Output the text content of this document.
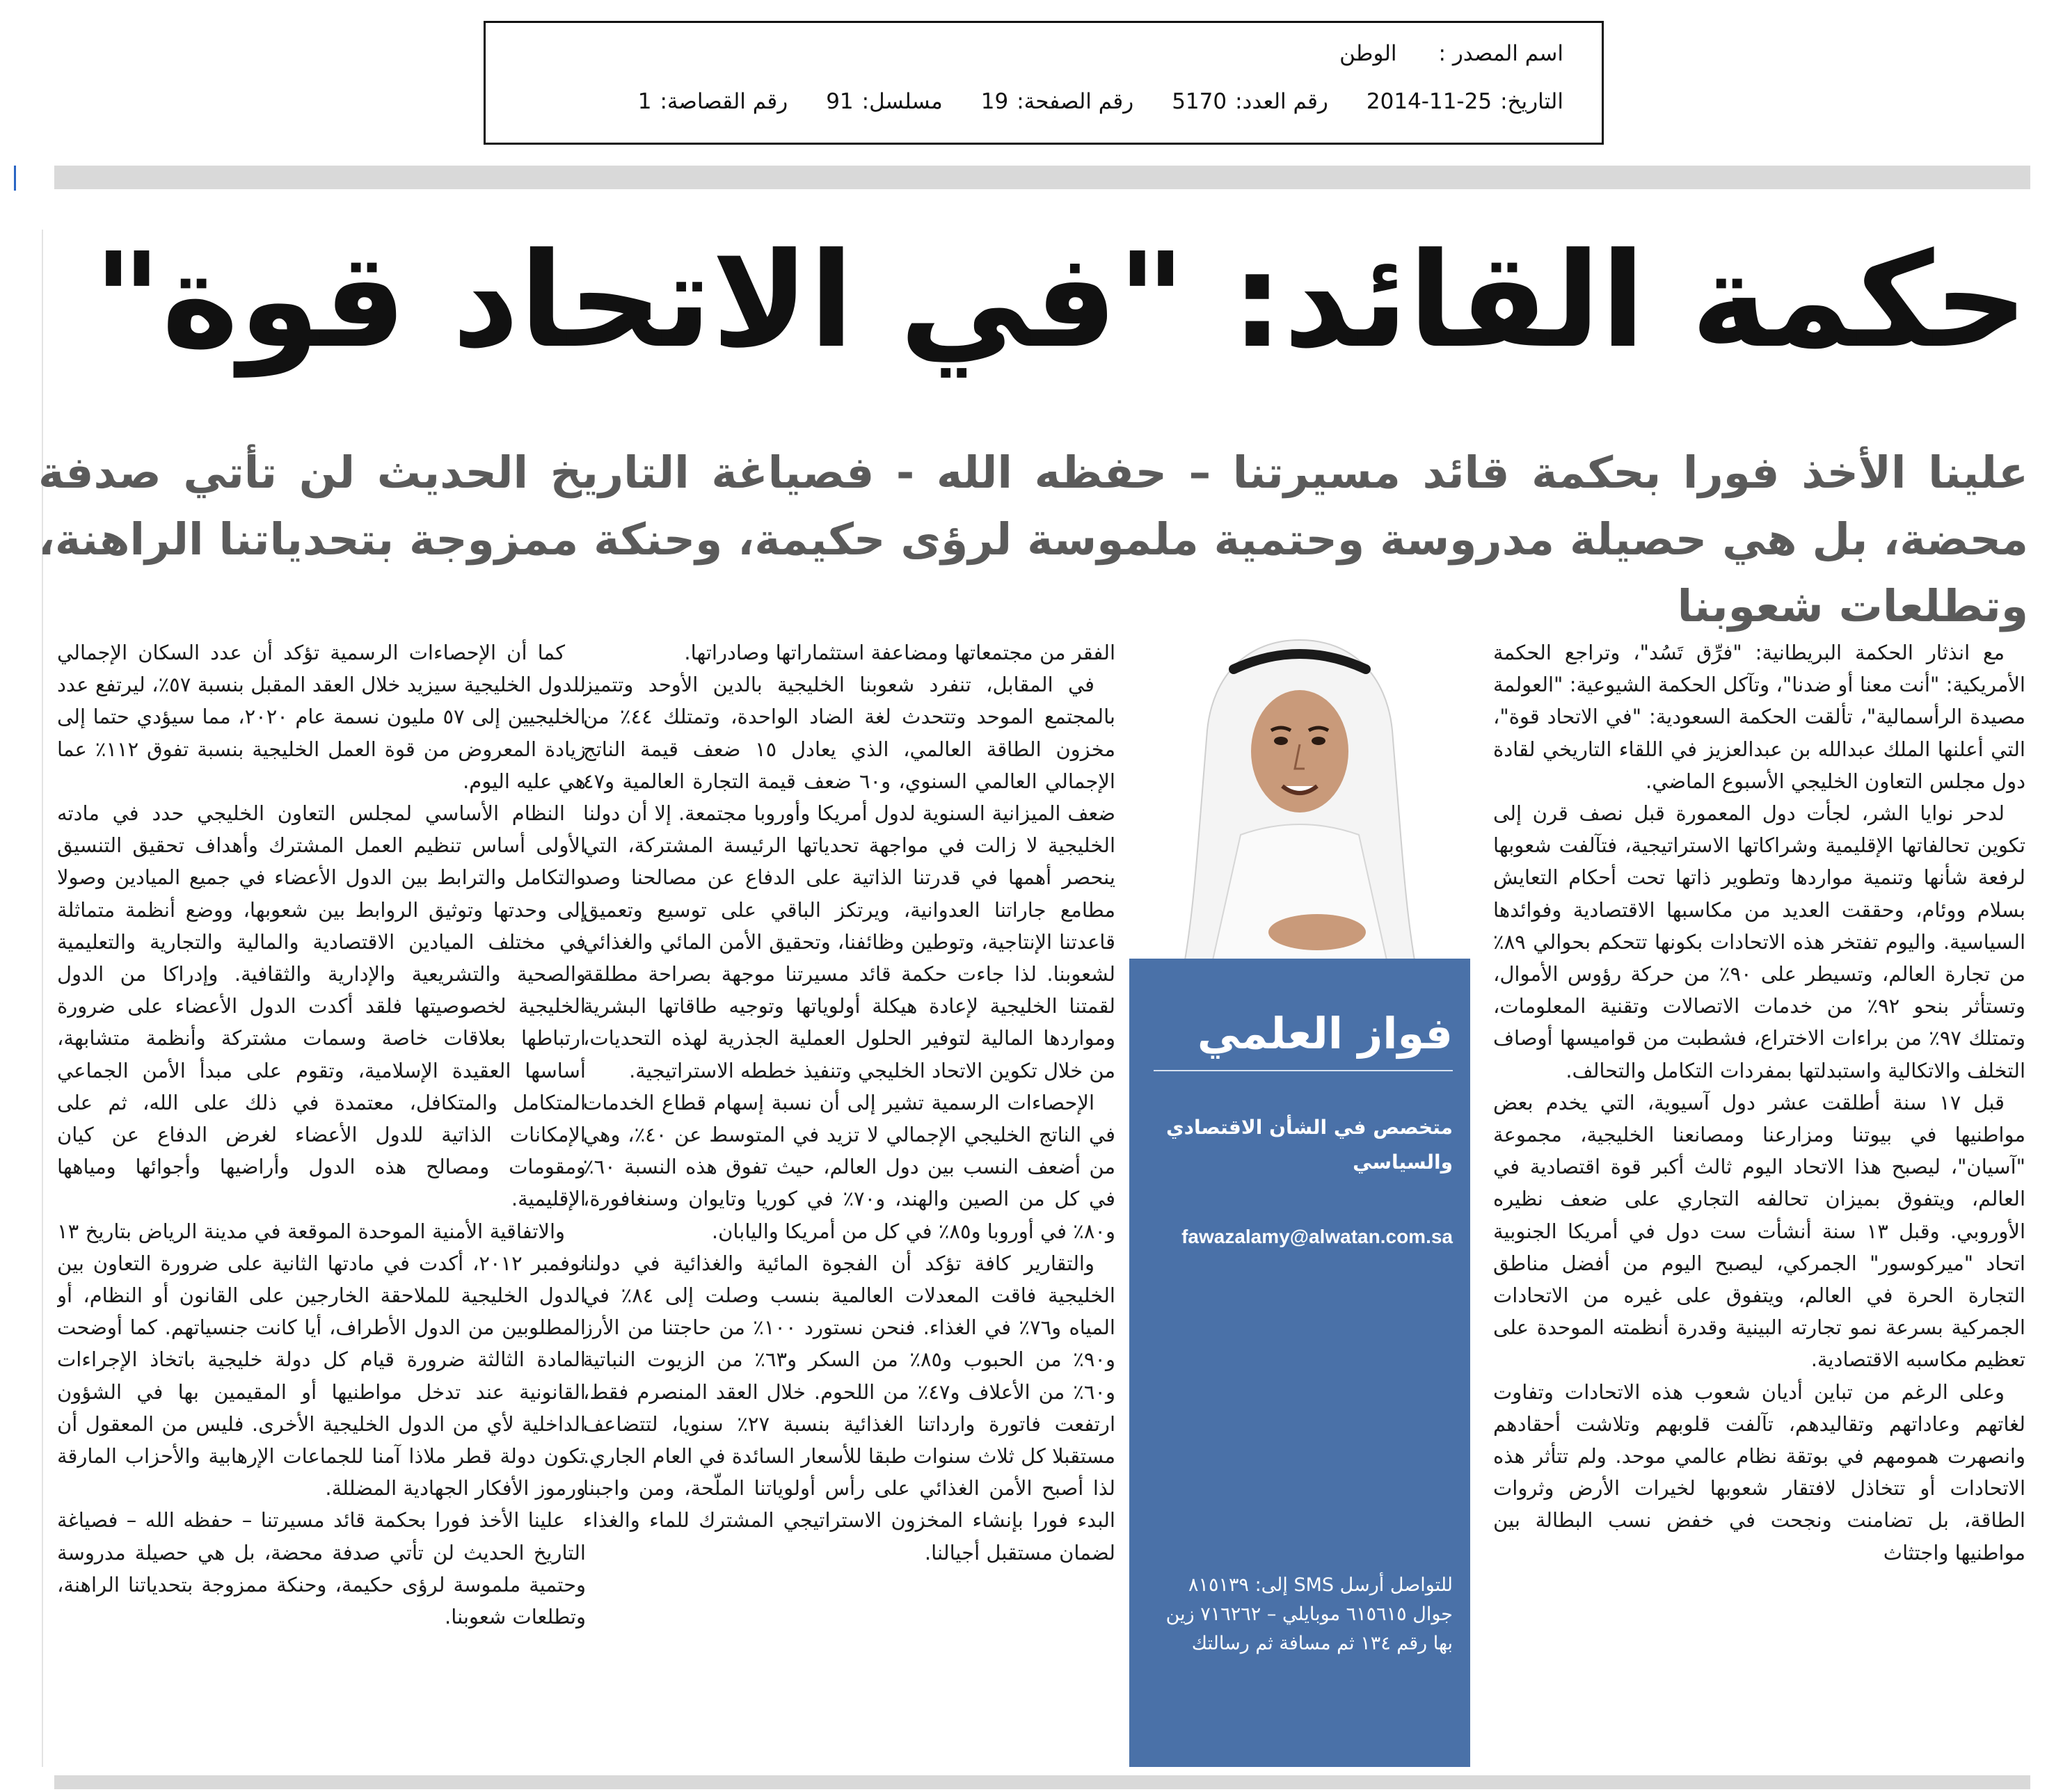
اسم المصدر :
الوطن
التاريخ:
2014-11-25
رقم العدد:
5170
رقم الصفحة:
19
مسلسل:
91
رقم القصاصة:
1
حكمة القائد: "في الاتحاد قوة"
علينا الأخذ فورا بحكمة قائد مسيرتنا – حفظه الله - فصياغة التاريخ الحديث لن تأتي صدفة محضة، بل هي حصيلة مدروسة وحتمية ملموسة لرؤى حكيمة، وحنكة ممزوجة بتحدياتنا الراهنة، وتطلعات شعوبنا

مع انذثار الحكمة البريطانية: "فرِّق تَسُد"، وتراجع الحكمة الأمريكية: "أنت معنا أو ضدنا"، وتآكل الحكمة الشيوعية: "العولمة مصيدة الرأسمالية"، تألقت الحكمة السعودية: "في الاتحاد قوة"، التي أعلنها الملك عبدالله بن عبدالعزيز في اللقاء التاريخي لقادة دول مجلس التعاون الخليجي الأسبوع الماضي.

لدحر نوايا الشر، لجأت دول المعمورة قبل نصف قرن إلى تكوين تحالفاتها الإقليمية وشراكاتها الاستراتيجية، فتآلفت شعوبها لرفعة شأنها وتنمية مواردها وتطوير ذاتها تحت أحكام التعايش بسلام ووئام، وحققت العديد من مكاسبها الاقتصادية وفوائدها السياسية. واليوم تفتخر هذه الاتحادات بكونها تتحكم بحوالي ٨٩٪ من تجارة العالم، وتسيطر على ٩٠٪ من حركة رؤوس الأموال، وتستأثر بنحو ٩٢٪ من خدمات الاتصالات وتقنية المعلومات، وتمتلك ٩٧٪ من براءات الاختراع، فشطبت من قواميسها أوصاف التخلف والاتكالية واستبدلتها بمفردات التكامل والتحالف.

قبل ١٧ سنة أطلقت عشر دول آسيوية، التي يخدم بعض مواطنيها في بيوتنا ومزارعنا ومصانعنا الخليجية، مجموعة "آسيان"، ليصبح هذا الاتحاد اليوم ثالث أكبر قوة اقتصادية في العالم، ويتفوق بميزان تحالفه التجاري على ضعف نظيره الأوروبي. وقبل ١٣ سنة أنشأت ست دول في أمريكا الجنوبية اتحاد "ميركوسور" الجمركي، ليصبح اليوم من أفضل مناطق التجارة الحرة في العالم، ويتفوق على غيره من الاتحادات الجمركية بسرعة نمو تجارته البينية وقدرة أنظمته الموحدة على تعظيم مكاسبه الاقتصادية.

وعلى الرغم من تباين أديان شعوب هذه الاتحادات وتفاوت لغاتهم وعاداتهم وتقاليدهم، تآلفت قلوبهم وتلاشت أحقادهم وانصهرت همومهم في بوتقة نظام عالمي موحد. ولم تتأثر هذه الاتحادات أو تتخاذل لافتقار شعوبها لخيرات الأرض وثروات الطاقة، بل تضامنت ونجحت في خفض نسب البطالة بين مواطنيها واجتثاث

فواز العلمي
متخصص في الشأن الاقتصادي والسياسي
fawazalamy@alwatan.com.sa
للتواصل أرسل SMS إلى: ٨١٥١٣٩ جوال ٦١٥٦١٥ موبايلي – ٧١٦٢٦٢ زين بها رقم ١٣٤ ثم مسافة ثم رسالتك

الفقر من مجتمعاتها ومضاعفة استثماراتها وصادراتها.

في المقابل، تنفرد شعوبنا الخليجية بالدين الأوحد وتتميز بالمجتمع الموحد وتتحدث لغة الضاد الواحدة، وتمتلك ٤٤٪ من مخزون الطاقة العالمي، الذي يعادل ١٥ ضعف قيمة الناتج الإجمالي العالمي السنوي، و٦٠ ضعف قيمة التجارة العالمية و٤٧ ضعف الميزانية السنوية لدول أمريكا وأوروبا مجتمعة. إلا أن دولنا الخليجية لا زالت في مواجهة تحدياتها الرئيسة المشتركة، التي ينحصر أهمها في قدرتنا الذاتية على الدفاع عن مصالحنا وصد مطامع جاراتنا العدوانية، ويرتكز الباقي على توسيع وتعميق قاعدتنا الإنتاجية، وتوطين وظائفنا، وتحقيق الأمن المائي والغذائي لشعوبنا. لذا جاءت حكمة قائد مسيرتنا موجهة بصراحة مطلقة لقمتنا الخليجية لإعادة هيكلة أولوياتها وتوجيه طاقاتها البشرية ومواردها المالية لتوفير الحلول العملية الجذرية لهذه التحديات، من خلال تكوين الاتحاد الخليجي وتنفيذ خططه الاستراتيجية.

الإحصاءات الرسمية تشير إلى أن نسبة إسهام قطاع الخدمات في الناتج الخليجي الإجمالي لا تزيد في المتوسط عن ٤٠٪، وهي من أضعف النسب بين دول العالم، حيث تفوق هذه النسبة ٦٠٪ في كل من الصين والهند، و٧٠٪ في كوريا وتايوان وسنغافورة، و٨٠٪ في أوروبا و٨٥٪ في كل من أمريكا واليابان.

والتقارير كافة تؤكد أن الفجوة المائية والغذائية في دولنا الخليجية فاقت المعدلات العالمية بنسب وصلت إلى ٨٤٪ في المياه و٧٦٪ في الغذاء. فنحن نستورد ١٠٠٪ من حاجتنا من الأرز و٩٠٪ من الحبوب و٨٥٪ من السكر و٦٣٪ من الزيوت النباتية و٦٠٪ من الأعلاف و٤٧٪ من اللحوم. خلال العقد المنصرم فقط، ارتفعت فاتورة وارداتنا الغذائية بنسبة ٢٧٪ سنويا، لتتضاعف مستقبلا كل ثلاث سنوات طبقا للأسعار السائدة في العام الجاري. لذا أصبح الأمن الغذائي على رأس أولوياتنا الملّحة، ومن واجبنا البدء فورا بإنشاء المخزون الاستراتيجي المشترك للماء والغذاء لضمان مستقبل أجيالنا.

كما أن الإحصاءات الرسمية تؤكد أن عدد السكان الإجمالي للدول الخليجية سيزيد خلال العقد المقبل بنسبة ٥٧٪، ليرتفع عدد الخليجيين إلى ٥٧ مليون نسمة عام ٢٠٢٠، مما سيؤدي حتما إلى زيادة المعروض من قوة العمل الخليجية بنسبة تفوق ١١٢٪ عما هي عليه اليوم.

النظام الأساسي لمجلس التعاون الخليجي حدد في مادته الأولى أساس تنظيم العمل المشترك وأهداف تحقيق التنسيق والتكامل والترابط بين الدول الأعضاء في جميع الميادين وصولا إلى وحدتها وتوثيق الروابط بين شعوبها، ووضع أنظمة متماثلة في مختلف الميادين الاقتصادية والمالية والتجارية والتعليمية والصحية والتشريعية والإدارية والثقافية. وإدراكا من الدول الخليجية لخصوصيتها فلقد أكدت الدول الأعضاء على ضرورة ارتباطها بعلاقات خاصة وسمات مشتركة وأنظمة متشابهة، أساسها العقيدة الإسلامية، وتقوم على مبدأ الأمن الجماعي المتكامل والمتكافل، معتمدة في ذلك على الله، ثم على الإمكانات الذاتية للدول الأعضاء لغرض الدفاع عن كيان ومقومات ومصالح هذه الدول وأراضيها وأجوائها ومياهها الإقليمية.

والاتفاقية الأمنية الموحدة الموقعة في مدينة الرياض بتاريخ ١٣ نوفمبر ٢٠١٢، أكدت في مادتها الثانية على ضرورة التعاون بين الدول الخليجية للملاحقة الخارجين على القانون أو النظام، أو المطلوبين من الدول الأطراف، أيا كانت جنسياتهم. كما أوضحت المادة الثالثة ضرورة قيام كل دولة خليجية باتخاذ الإجراءات القانونية عند تدخل مواطنيها أو المقيمين بها في الشؤون الداخلية لأي من الدول الخليجية الأخرى. فليس من المعقول أن تكون دولة قطر ملاذا آمنا للجماعات الإرهابية والأحزاب المارقة ورموز الأفكار الجهادية المضللة.

علينا الأخذ فورا بحكمة قائد مسيرتنا – حفظه الله – فصياغة التاريخ الحديث لن تأتي صدفة محضة، بل هي حصيلة مدروسة وحتمية ملموسة لرؤى حكيمة، وحنكة ممزوجة بتحدياتنا الراهنة، وتطلعات شعوبنا.
